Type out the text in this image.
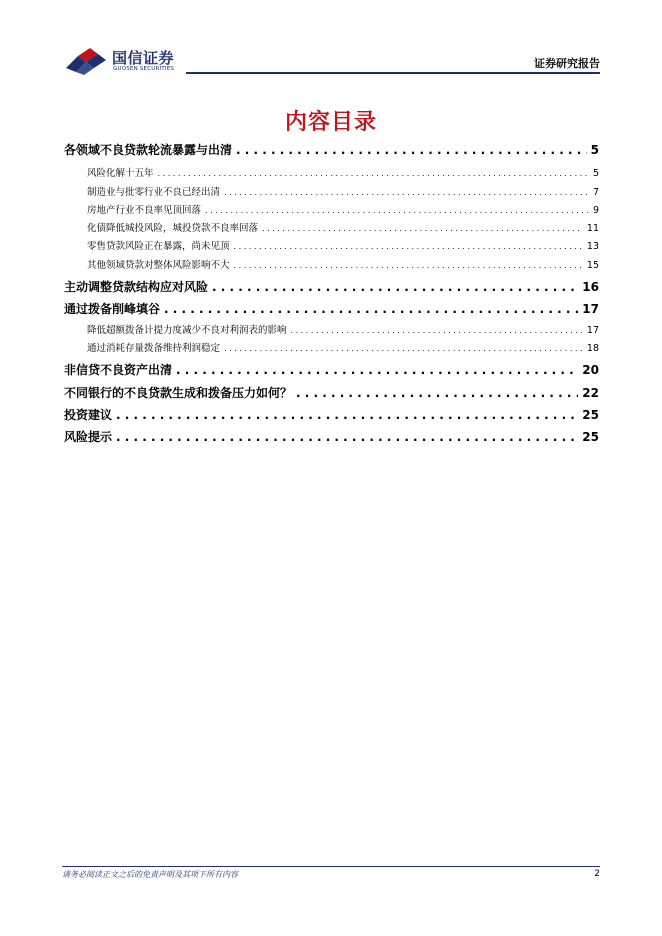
国信证券
GUOSEN SECURITIES	证券研究报告
内容目录
各领域不良贷款轮流暴露与出清 . . .	5
风险化解十五年 . . .	5
制造业与批零行业不良已经出清 . . .	7
房地产行业不良率见顶回落 . . .	9
化债降低城投风险，城投贷款不良率回落 . . .	11
零售贷款风险正在暴露，尚未见顶 . . .	13
其他领域贷款对整体风险影响不大 . . .	15
主动调整贷款结构应对风险 . . .	16
通过拨备削峰填谷 . . .	17
降低超额拨备计提力度减少不良对利润表的影响 . . .	17
通过消耗存量拨备维持利润稳定 . . .	18
非信贷不良资产出清 . . .	20
不同银行的不良贷款生成和拨备压力如何？ . . .	22
投资建议 . . .	25
风险提示 . . .	25
请务必阅读正文之后的免责声明及其项下所有内容	2
